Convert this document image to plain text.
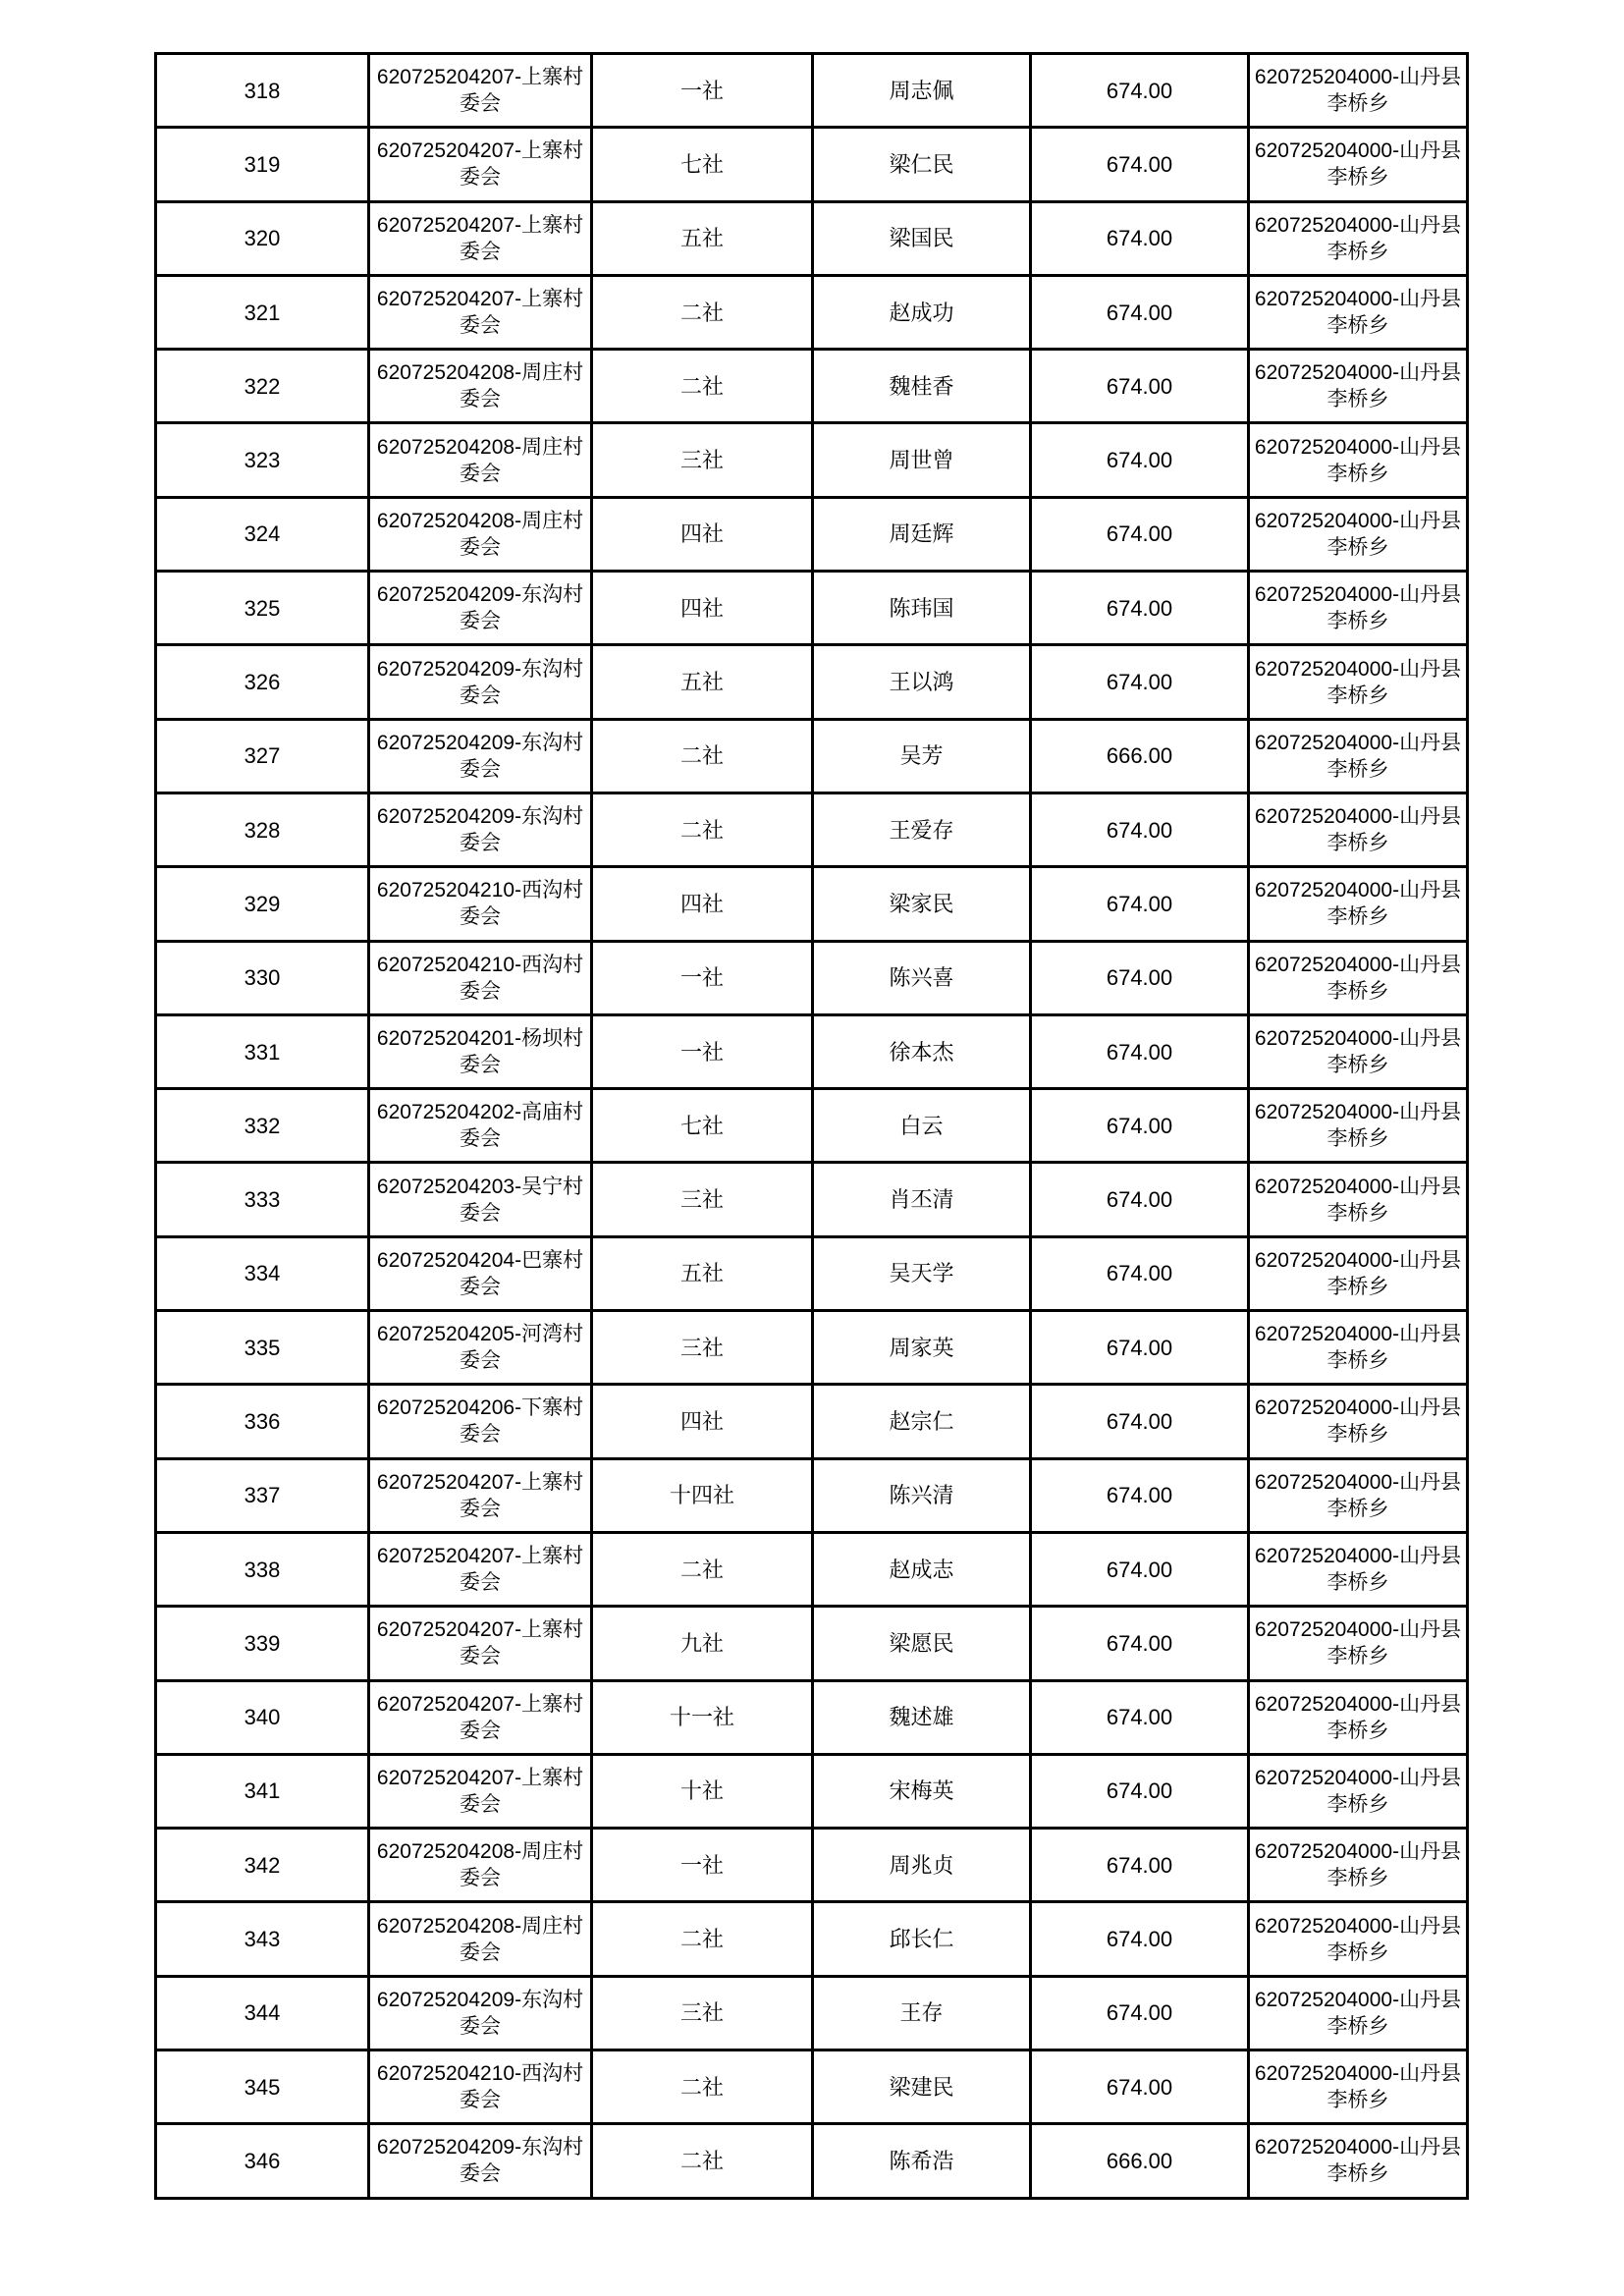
318	620725204207-上寨村委会	一社	周志佩	674.00	620725204000-山丹县李桥乡
319	620725204207-上寨村委会	七社	梁仁民	674.00	620725204000-山丹县李桥乡
320	620725204207-上寨村委会	五社	梁国民	674.00	620725204000-山丹县李桥乡
321	620725204207-上寨村委会	二社	赵成功	674.00	620725204000-山丹县李桥乡
322	620725204208-周庄村委会	二社	魏桂香	674.00	620725204000-山丹县李桥乡
323	620725204208-周庄村委会	三社	周世曾	674.00	620725204000-山丹县李桥乡
324	620725204208-周庄村委会	四社	周廷辉	674.00	620725204000-山丹县李桥乡
325	620725204209-东沟村委会	四社	陈玮国	674.00	620725204000-山丹县李桥乡
326	620725204209-东沟村委会	五社	王以鸿	674.00	620725204000-山丹县李桥乡
327	620725204209-东沟村委会	二社	吴芳	666.00	620725204000-山丹县李桥乡
328	620725204209-东沟村委会	二社	王爱存	674.00	620725204000-山丹县李桥乡
329	620725204210-西沟村委会	四社	梁家民	674.00	620725204000-山丹县李桥乡
330	620725204210-西沟村委会	一社	陈兴喜	674.00	620725204000-山丹县李桥乡
331	620725204201-杨坝村委会	一社	徐本杰	674.00	620725204000-山丹县李桥乡
332	620725204202-高庙村委会	七社	白云	674.00	620725204000-山丹县李桥乡
333	620725204203-吴宁村委会	三社	肖丕清	674.00	620725204000-山丹县李桥乡
334	620725204204-巴寨村委会	五社	吴天学	674.00	620725204000-山丹县李桥乡
335	620725204205-河湾村委会	三社	周家英	674.00	620725204000-山丹县李桥乡
336	620725204206-下寨村委会	四社	赵宗仁	674.00	620725204000-山丹县李桥乡
337	620725204207-上寨村委会	十四社	陈兴清	674.00	620725204000-山丹县李桥乡
338	620725204207-上寨村委会	二社	赵成志	674.00	620725204000-山丹县李桥乡
339	620725204207-上寨村委会	九社	梁愿民	674.00	620725204000-山丹县李桥乡
340	620725204207-上寨村委会	十一社	魏述雄	674.00	620725204000-山丹县李桥乡
341	620725204207-上寨村委会	十社	宋梅英	674.00	620725204000-山丹县李桥乡
342	620725204208-周庄村委会	一社	周兆贞	674.00	620725204000-山丹县李桥乡
343	620725204208-周庄村委会	二社	邱长仁	674.00	620725204000-山丹县李桥乡
344	620725204209-东沟村委会	三社	王存	674.00	620725204000-山丹县李桥乡
345	620725204210-西沟村委会	二社	梁建民	674.00	620725204000-山丹县李桥乡
346	620725204209-东沟村委会	二社	陈希浩	666.00	620725204000-山丹县李桥乡
